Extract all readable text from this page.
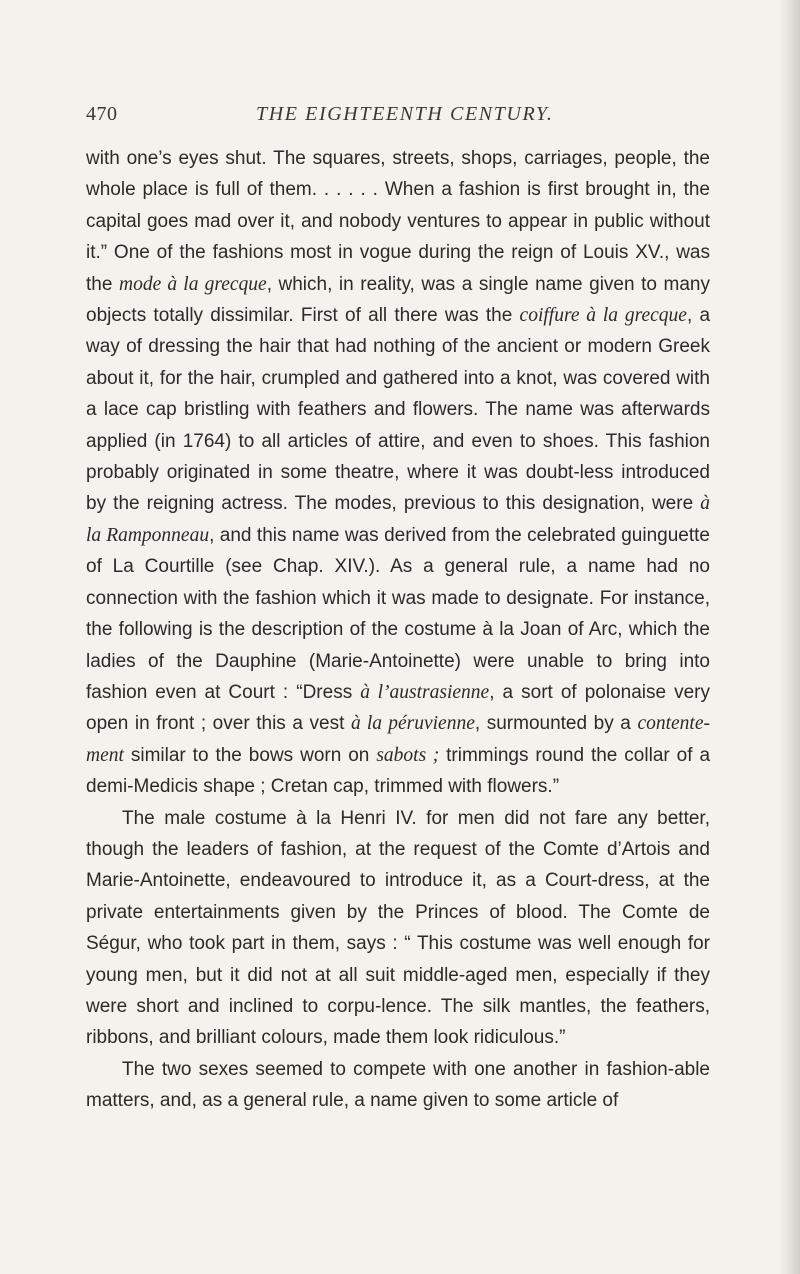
470	THE EIGHTEENTH CENTURY.

with one’s eyes shut. The squares, streets, shops, carriages, people, the whole place is full of them. . . . . . When a fashion is first brought in, the capital goes mad over it, and nobody ventures to appear in public without it.” One of the fashions most in vogue during the reign of Louis XV., was the mode à la grecque, which, in reality, was a single name given to many objects totally dissimilar. First of all there was the coiffure à la grecque, a way of dressing the hair that had nothing of the ancient or modern Greek about it, for the hair, crumpled and gathered into a knot, was covered with a lace cap bristling with feathers and flowers. The name was afterwards applied (in 1764) to all articles of attire, and even to shoes. This fashion probably originated in some theatre, where it was doubt-less introduced by the reigning actress. The modes, previous to this designation, were à la Ramponneau, and this name was derived from the celebrated guinguette of La Courtille (see Chap. XIV.). As a general rule, a name had no connection with the fashion which it was made to designate. For instance, the following is the description of the costume à la Joan of Arc, which the ladies of the Dauphine (Marie-Antoinette) were unable to bring into fashion even at Court : “Dress à l’austrasienne, a sort of polonaise very open in front ; over this a vest à la péruvienne, surmounted by a contente-ment similar to the bows worn on sabots ; trimmings round the collar of a demi-Medicis shape ; Cretan cap, trimmed with flowers.”

The male costume à la Henri IV. for men did not fare any better, though the leaders of fashion, at the request of the Comte d’Artois and Marie-Antoinette, endeavoured to introduce it, as a Court-dress, at the private entertainments given by the Princes of blood. The Comte de Ségur, who took part in them, says : “ This costume was well enough for young men, but it did not at all suit middle-aged men, especially if they were short and inclined to corpu-lence. The silk mantles, the feathers, ribbons, and brilliant colours, made them look ridiculous.”

The two sexes seemed to compete with one another in fashion-able matters, and, as a general rule, a name given to some article of
